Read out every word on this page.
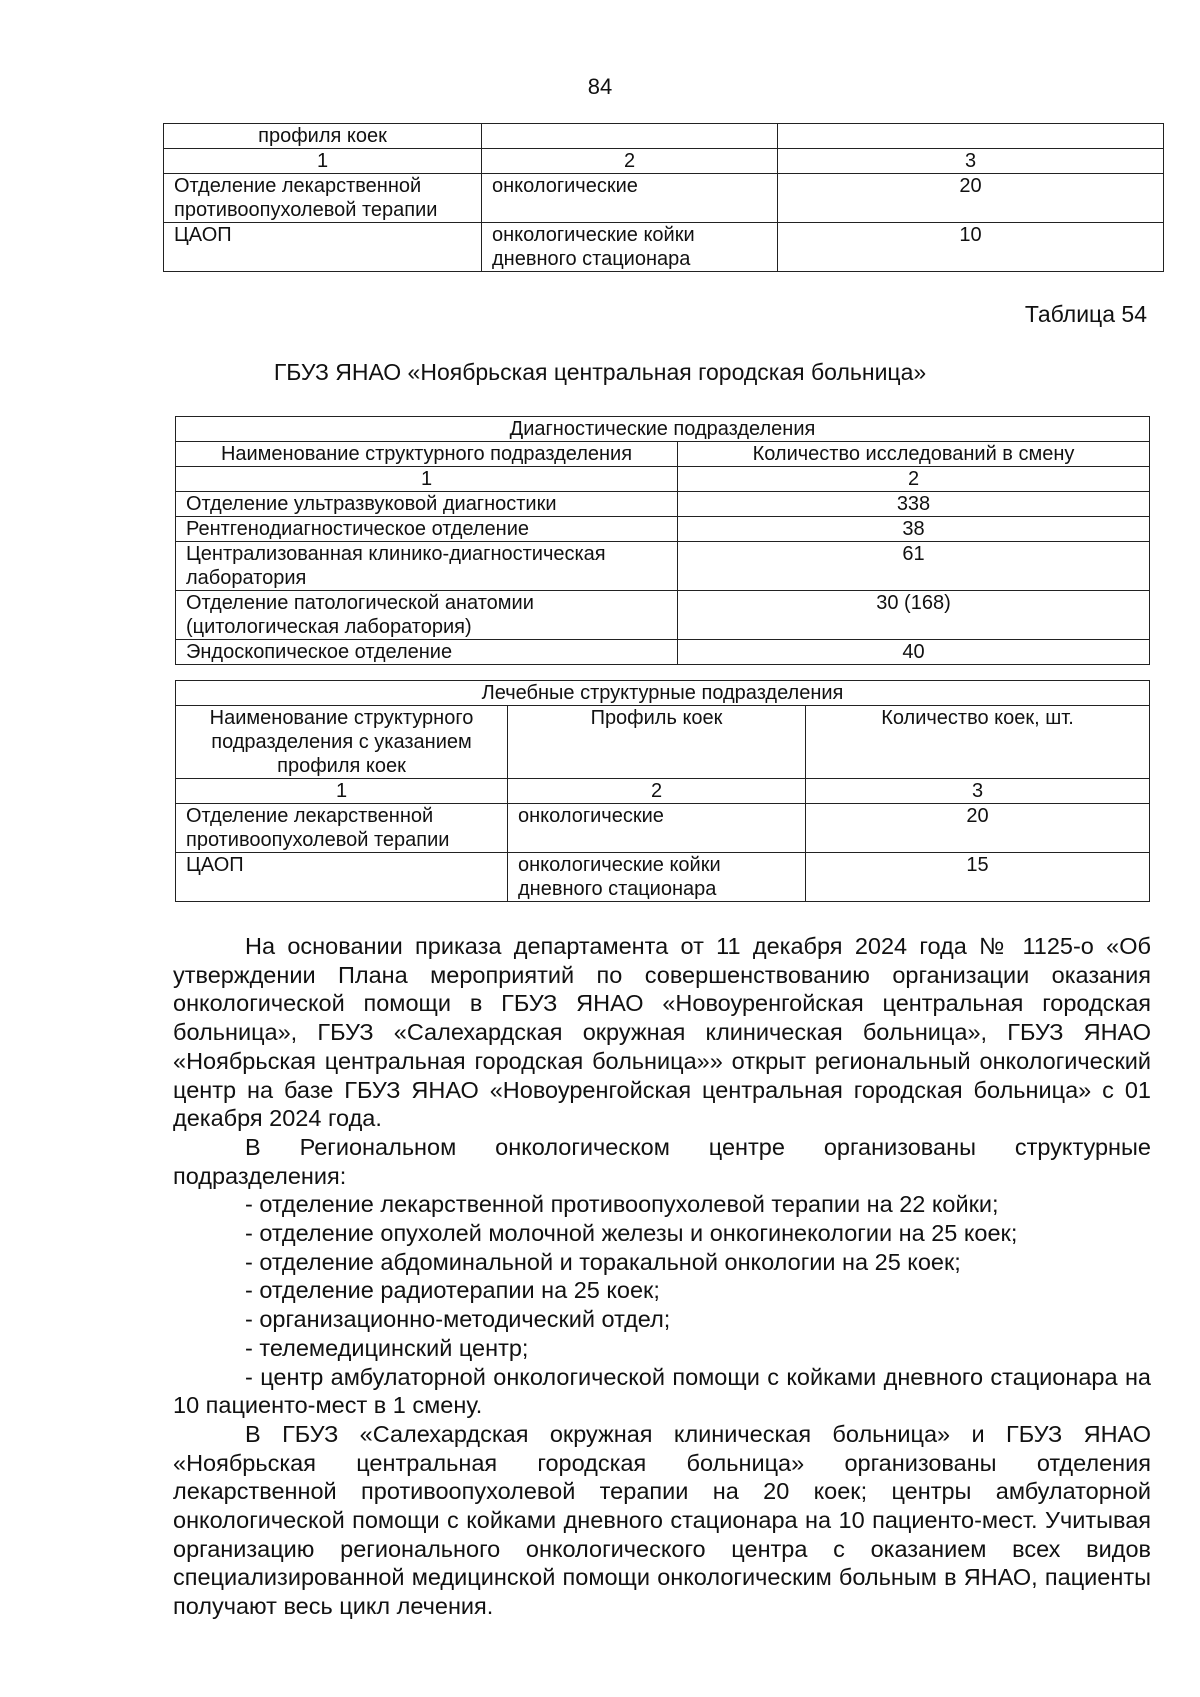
84
профиля коек		
1	2	3
Отделение лекарственной противоопухолевой терапии	онкологические	20
ЦАОП	онкологические койки дневного стационара	10
Таблица 54
ГБУЗ ЯНАО «Ноябрьская центральная городская больница»
Диагностические подразделения	
Наименование структурного подразделения	Количество исследований в смену
1	2
Отделение ультразвуковой диагностики	338
Рентгенодиагностическое отделение	38
Централизованная клинико-диагностическая лаборатория	61
Отделение патологической анатомии (цитологическая лаборатория)	30 (168)
Эндоскопическое отделение	40
Лечебные структурные подразделения		
Наименование структурного подразделения с указанием профиля коек	Профиль коек	Количество коек, шт.
1	2	3
Отделение лекарственной противоопухолевой терапии	онкологические	20
ЦАОП	онкологические койки дневного стационара	15

На основании приказа департамента от 11 декабря 2024 года № 1125-о «Об утверждении Плана мероприятий по совершенствованию организации оказания онкологической помощи в ГБУЗ ЯНАО «Новоуренгойская центральная городская больница», ГБУЗ «Салехардская окружная клиническая больница», ГБУЗ ЯНАО «Ноябрьская центральная городская больница»» открыт региональный онкологический центр на базе ГБУЗ ЯНАО «Новоуренгойская центральная городская больница» с 01 декабря 2024 года.

В Региональном онкологическом центре организованы структурные подразделения:

- отделение лекарственной противоопухолевой терапии на 22 койки;

- отделение опухолей молочной железы и онкогинекологии на 25 коек;

- отделение абдоминальной и торакальной онкологии на 25 коек;

- отделение радиотерапии на 25 коек;

- организационно-методический отдел;

- телемедицинский центр;

- центр амбулаторной онкологической помощи с койками дневного стационара на 10 пациенто-мест в 1 смену.

В ГБУЗ «Салехардская окружная клиническая больница» и ГБУЗ ЯНАО «Ноябрьская центральная городская больница» организованы отделения лекарственной противоопухолевой терапии на 20 коек; центры амбулаторной онкологической помощи с койками дневного стационара на 10 пациенто-мест. Учитывая организацию регионального онкологического центра с оказанием всех видов специализированной медицинской помощи онкологическим больным в ЯНАО, пациенты получают весь цикл лечения.
